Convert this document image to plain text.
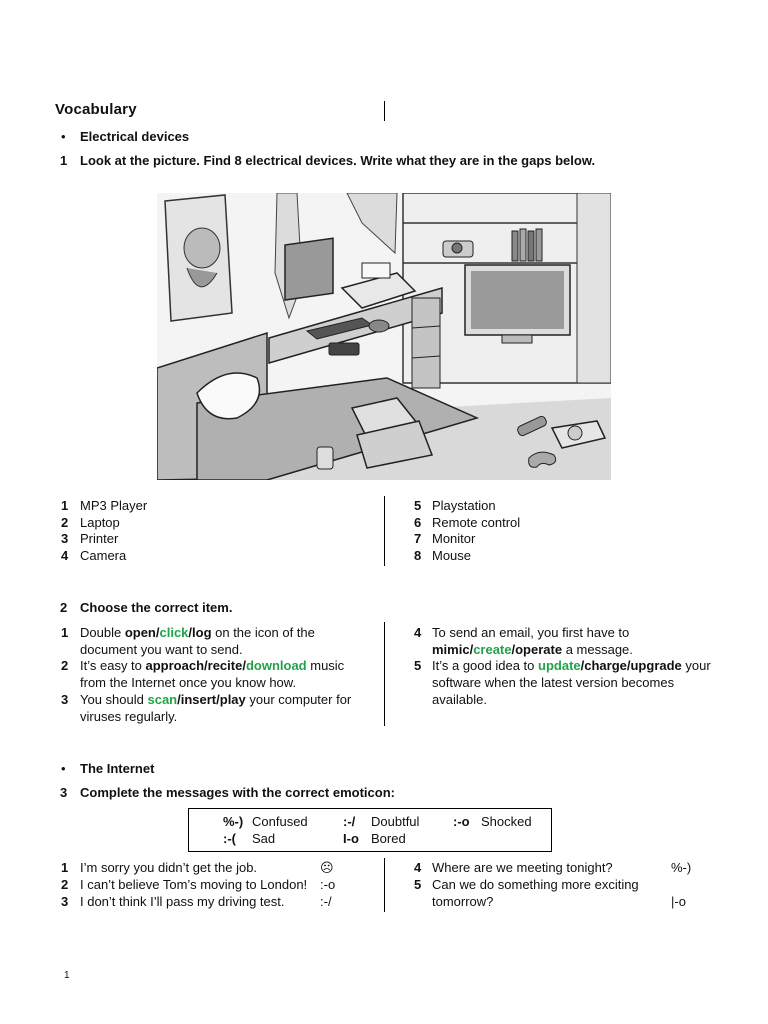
Vocabulary
• Electrical devices
1 Look at the picture. Find 8 electrical devices. Write what they are in the gaps below.
1 MP3 Player
2 Laptop
3 Printer
4 Camera
5 Playstation
6 Remote control
7 Monitor
8 Mouse
2 Choose the correct item.
1 Double open/click/log on the icon of the
document you want to send.
2 It’s easy to approach/recite/download music
from the Internet once you know how.
3 You should scan/insert/play your computer for
viruses regularly.
4 To send an email, you first have to
mimic/create/operate a message.
5 It’s a good idea to update/charge/upgrade your
software when the latest version becomes
available.
• The Internet
3 Complete the messages with the correct emoticon:
%-) Confused	:-/ Doubtful	:-o Shocked
:-( Sad	I-o Bored
1 I’m sorry you didn’t get the job.	☹
2 I can’t believe Tom’s moving to London! :-o
3 I don’t think I’ll pass my driving test.	:-/
4 Where are we meeting tonight?	%-)
5 Can we do something more exciting
tomorrow?	|-o
1
